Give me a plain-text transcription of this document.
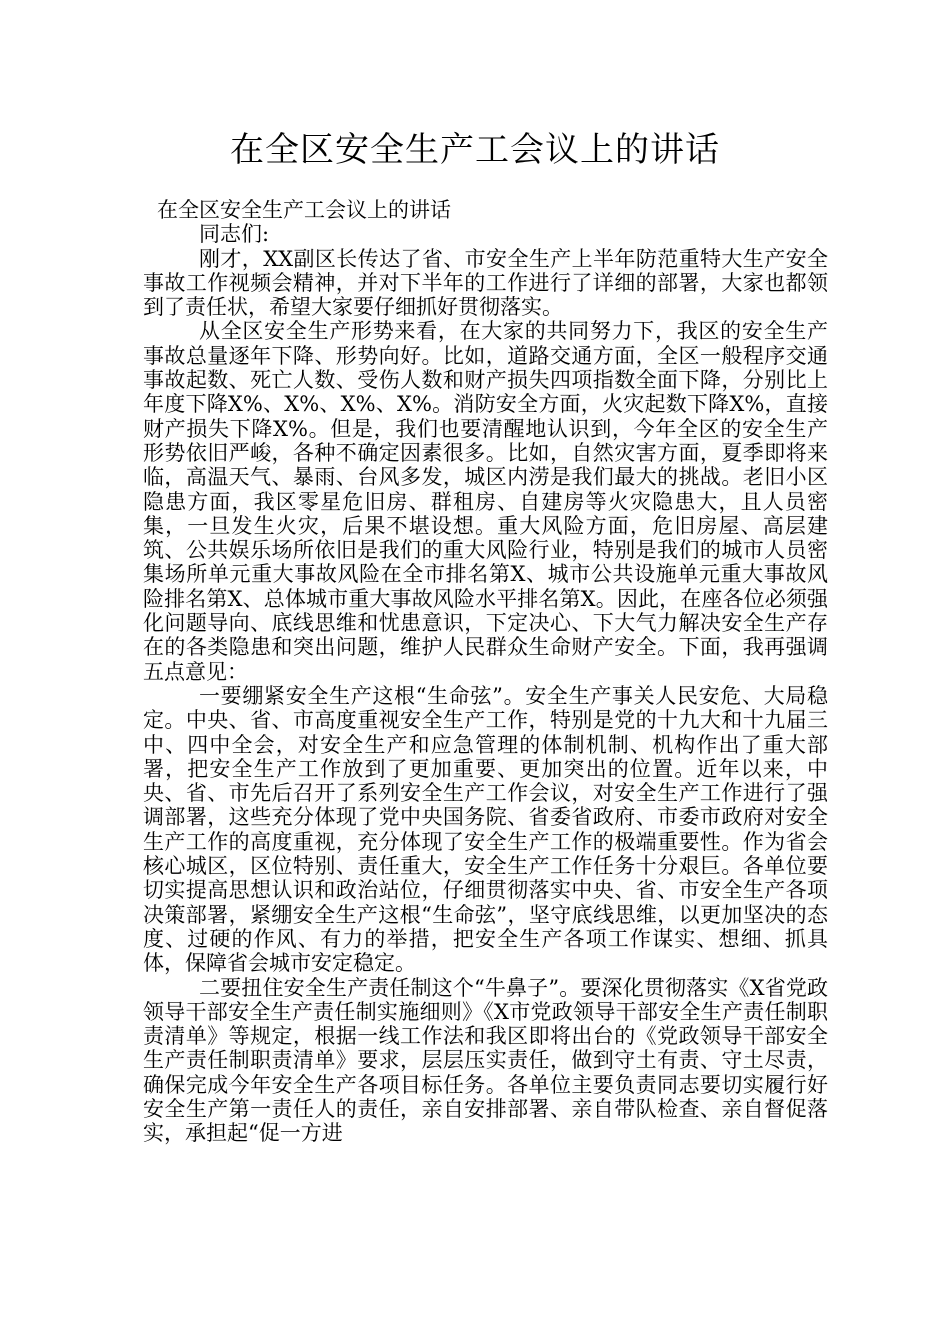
在全区安全生产工会议上的讲话

在全区安全生产工会议上的讲话

同志们:

刚才，XX副区长传达了省、市安全生产上半年防范重特大生产安全事故工作视频会精神，并对下半年的工作进行了详细的部署，大家也都领到了责任状，希望大家要仔细抓好贯彻落实。

从全区安全生产形势来看，在大家的共同努力下，我区的安全生产事故总量逐年下降、形势向好。比如，道路交通方面，全区一般程序交通事故起数、死亡人数、受伤人数和财产损失四项指数全面下降，分别比上年度下降X%、X%、X%、X%。消防安全方面，火灾起数下降X%，直接财产损失下降X%。但是，我们也要清醒地认识到，今年全区的安全生产形势依旧严峻，各种不确定因素很多。比如，自然灾害方面，夏季即将来临，高温天气、暴雨、台风多发，城区内涝是我们最大的挑战。老旧小区隐患方面，我区零星危旧房、群租房、自建房等火灾隐患大，且人员密集，一旦发生火灾，后果不堪设想。重大风险方面，危旧房屋、高层建筑、公共娱乐场所依旧是我们的重大风险行业，特别是我们的城市人员密集场所单元重大事故风险在全市排名第X、城市公共设施单元重大事故风险排名第X、总体城市重大事故风险水平排名第X。因此，在座各位必须强化问题导向、底线思维和忧患意识，下定决心、下大气力解决安全生产存在的各类隐患和突出问题，维护人民群众生命财产安全。下面，我再强调五点意见：

一要绷紧安全生产这根“生命弦”。安全生产事关人民安危、大局稳定。中央、省、市高度重视安全生产工作，特别是党的十九大和十九届三中、四中全会，对安全生产和应急管理的体制机制、机构作出了重大部署，把安全生产工作放到了更加重要、更加突出的位置。近年以来，中央、省、市先后召开了系列安全生产工作会议，对安全生产工作进行了强调部署，这些充分体现了党中央国务院、省委省政府、市委市政府对安全生产工作的高度重视，充分体现了安全生产工作的极端重要性。作为省会核心城区，区位特别、责任重大，安全生产工作任务十分艰巨。各单位要切实提高思想认识和政治站位，仔细贯彻落实中央、省、市安全生产各项决策部署，紧绷安全生产这根“生命弦”，坚守底线思维，以更加坚决的态度、过硬的作风、有力的举措，把安全生产各项工作谋实、想细、抓具体，保障省会城市安定稳定。

二要扭住安全生产责任制这个“牛鼻子”。要深化贯彻落实《X省党政领导干部安全生产责任制实施细则》《X市党政领导干部安全生产责任制职责清单》等规定，根据一线工作法和我区即将出台的《党政领导干部安全生产责任制职责清单》要求，层层压实责任，做到守土有责、守土尽责，确保完成今年安全生产各项目标任务。各单位主要负责同志要切实履行好安全生产第一责任人的责任，亲自安排部署、亲自带队检查、亲自督促落实，承担起“促一方进
